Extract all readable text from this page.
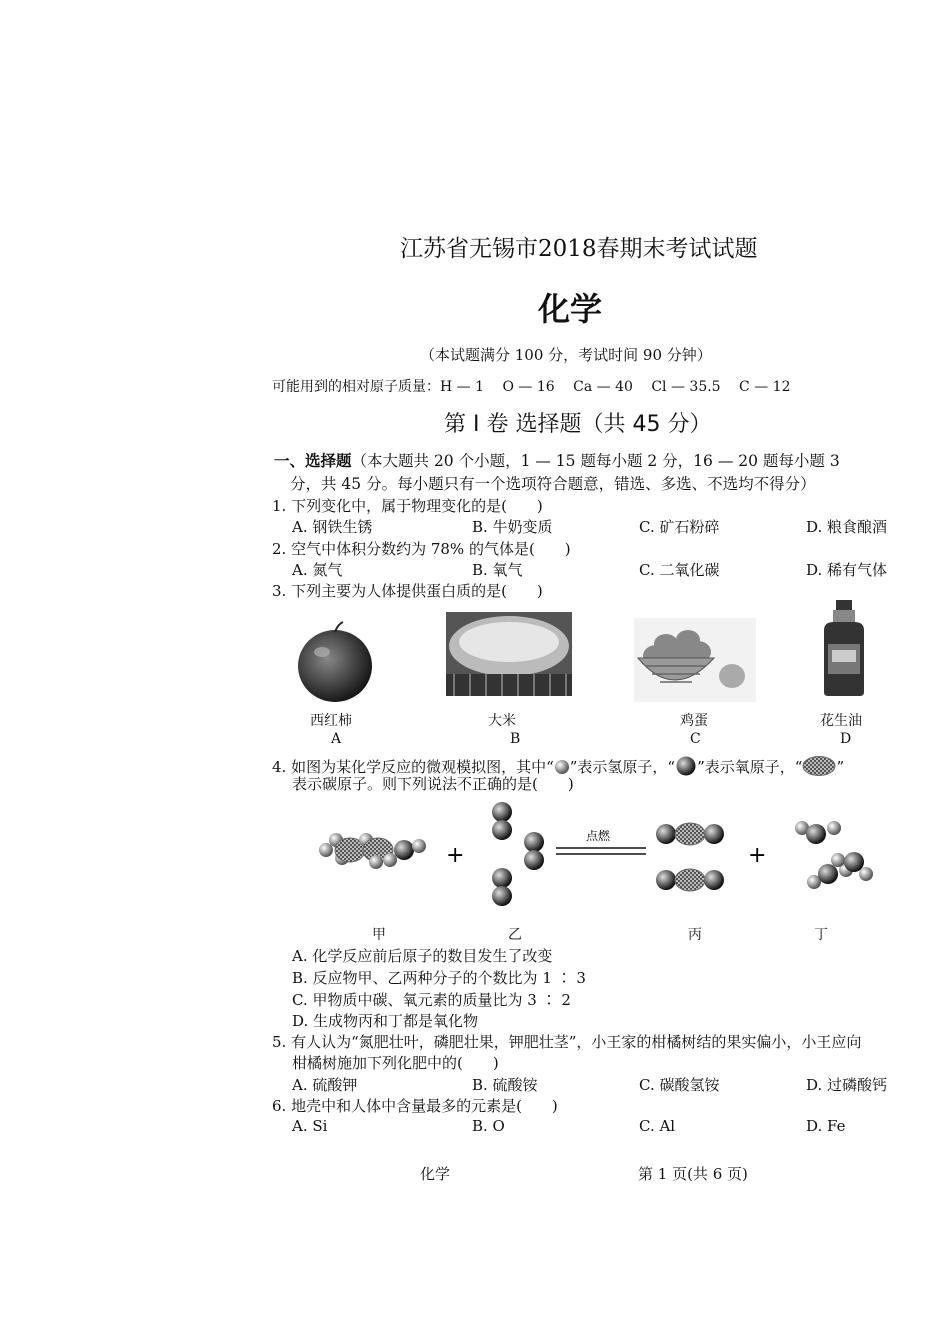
江苏省无锡市2018春期末考试试题
化学
（本试题满分 100 分，考试时间 90 分钟）
可能用到的相对原子质量：H — 1　 O — 16　 Ca — 40　 Cl — 35.5　 C — 12
第 Ⅰ 卷 选择题（共 45 分）
一、选择题（本大题共 20 个小题，1 — 15 题每小题 2 分，16 — 20 题每小题 3
分，共 45 分。每小题只有一个选项符合题意，错选、多选、不选均不得分）
1. 下列变化中，属于物理变化的是(　　)
A. 钢铁生锈	B. 牛奶变质	C. 矿石粉碎	D. 粮食酿酒
2. 空气中体积分数约为 78% 的气体是(　　)
A. 氮气	B. 氧气	C. 二氧化碳	D. 稀有气体
3. 下列主要为人体提供蛋白质的是(　　)
西红柿	大米	鸡蛋	花生油
A	B	C	D
4. 如图为某化学反应的微观模拟图，其中“ ”表示氢原子，“ ”表示氧原子，“ ”
表示碳原子。则下列说法不正确的是(　　)
+
点燃
+
甲	乙	丙	丁
A. 化学反应前后原子的数目发生了改变
B. 反应物甲、乙两种分子的个数比为 1 ∶ 3
C. 甲物质中碳、氧元素的质量比为 3 ∶ 2
D. 生成物丙和丁都是氧化物
5. 有人认为“氮肥壮叶，磷肥壮果，钾肥壮茎”，小王家的柑橘树结的果实偏小，小王应向
柑橘树施加下列化肥中的(　　)
A. 硫酸钾	B. 硫酸铵	C. 碳酸氢铵	D. 过磷酸钙
6. 地壳中和人体中含量最多的元素是(　　)
A. Si	B. O	C. Al	D. Fe
化学	第 1 页(共 6 页)
